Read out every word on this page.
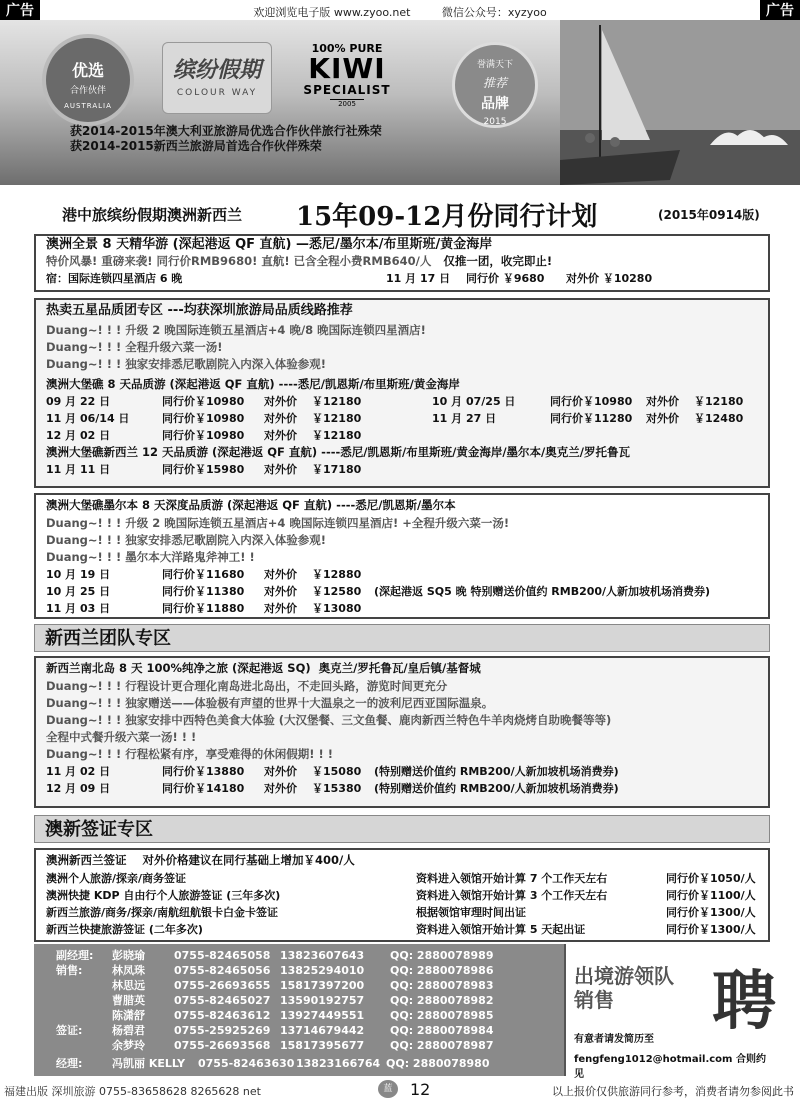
广告	广告
欢迎浏览电子版 www.zyoo.net	微信公众号：xyzyoo
优选
合作伙伴
AUSTRALIA
缤纷假期
COLOUR WAY
100% PURE
KIWI
SPECIALIST
2005
誉满天下
推荐
品牌
2015
获2014-2015年澳大利亚旅游局优选合作伙伴旅行社殊荣
获2014-2015新西兰旅游局首选合作伙伴殊荣
港中旅缤纷假期澳洲新西兰 15年09-12月份同行计划	(2015年0914版)
澳洲全景 8 天精华游 (深起港返 QF 直航) —悉尼/墨尔本/布里斯班/黄金海岸
特价风暴! 重磅来袭! 同行价RMB9680! 直航! 已含全程小费RMB640/人 仅推一团，收完即止!
宿：国际连锁四星酒店 6 晚	11 月 17 日	同行价 ￥9680	对外价 ￥10280
热卖五星品质团专区 ---均获深圳旅游局品质线路推荐
Duang~! ! ! 升级 2 晚国际连锁五星酒店+4 晚/8 晚国际连锁四星酒店!
Duang~! ! ! 全程升级六菜一汤!
Duang~! ! ! 独家安排悉尼歌剧院入内深入体验参观!
澳洲大堡礁 8 天品质游 (深起港返 QF 直航) ----悉尼/凯恩斯/布里斯班/黄金海岸
09 月 22 日	同行价￥10980	对外价	￥12180	10 月 07/25 日	同行价￥10980	对外价	￥12180
11 月 06/14 日	同行价￥10980	对外价	￥12180	11 月 27 日	同行价￥11280	对外价	￥12480
12 月 02 日	同行价￥10980	对外价	￥12180
澳洲大堡礁新西兰 12 天品质游 (深起港返 QF 直航) ----悉尼/凯恩斯/布里斯班/黄金海岸/墨尔本/奥克兰/罗托鲁瓦
11 月 11 日	同行价￥15980	对外价	￥17180
澳洲大堡礁墨尔本 8 天深度品质游 (深起港返 QF 直航) ----悉尼/凯恩斯/墨尔本
Duang~! ! ! 升级 2 晚国际连锁五星酒店+4 晚国际连锁四星酒店! +全程升级六菜一汤!
Duang~! ! ! 独家安排悉尼歌剧院入内深入体验参观!
Duang~! ! ! 墨尔本大洋路鬼斧神工! !
10 月 19 日	同行价￥11680	对外价	￥12880
10 月 25 日	同行价￥11380	对外价	￥12580	(深起港返 SQ5 晚 特别赠送价值约 RMB200/人新加坡机场消费券)
11 月 03 日	同行价￥11880	对外价	￥13080
新西兰团队专区
新西兰南北岛 8 天 100%纯净之旅 (深起港返 SQ) 奥克兰/罗托鲁瓦/皇后镇/基督城
Duang~! ! ! 行程设计更合理化南岛进北岛出，不走回头路，游览时间更充分
Duang~! ! ! 独家赠送——体验极有声望的世界十大温泉之一的波利尼西亚国际温泉。
Duang~! ! ! 独家安排中西特色美食大体验 (大汉堡餐、三文鱼餐、鹿肉新西兰特色牛羊肉烧烤自助晚餐等等)
全程中式餐升级六菜一汤! ! !
Duang~! ! ! 行程松紧有序，享受难得的休闲假期! ! !
11 月 02 日	同行价￥13880	对外价	￥15080	(特别赠送价值约 RMB200/人新加坡机场消费券)
12 月 09 日	同行价￥14180	对外价	￥15380	(特别赠送价值约 RMB200/人新加坡机场消费券)
澳新签证专区
澳洲新西兰签证 对外价格建议在同行基础上增加￥400/人
澳洲个人旅游/探亲/商务签证	资料进入领馆开始计算 7 个工作天左右	同行价￥1050/人
澳洲快捷 KDP 自由行个人旅游签证 (三年多次)	资料进入领馆开始计算 3 个工作天左右	同行价￥1100/人
新西兰旅游/商务/探亲/南航纽航银卡白金卡签证	根据领馆审理时间出证	同行价￥1300/人
新西兰快捷旅游签证 (二年多次)	资料进入领馆开始计算 5 天起出证	同行价￥1300/人
副经理: 彭晓瑜	0755-82465058 13823607643 QQ: 2880078989
销售:	林凤珠	0755-82465056 13825294010 QQ: 2880078986
林思远	0755-26693655 15817397200 QQ: 2880078983
曹腊英	0755-82465027 13590192757 QQ: 2880078982
陈潇舒	0755-82463612 13927449551 QQ: 2880078985
签证:	杨碧君	0755-25925269 13714679442 QQ: 2880078984
余梦玲	0755-26693568 15817395677 QQ: 2880078987
经理:	冯凯丽 KELLY 0755-82463630 13823166764 QQ: 2880078980
出境游领队
销售	聘
有意者请发简历至
fengfeng1012@hotmail.com 合则约见
福建出版 深圳旅游 0755-83658628 8265628 net	蓝	12	以上报价仅供旅游同行参考，消费者请勿参阅此书
